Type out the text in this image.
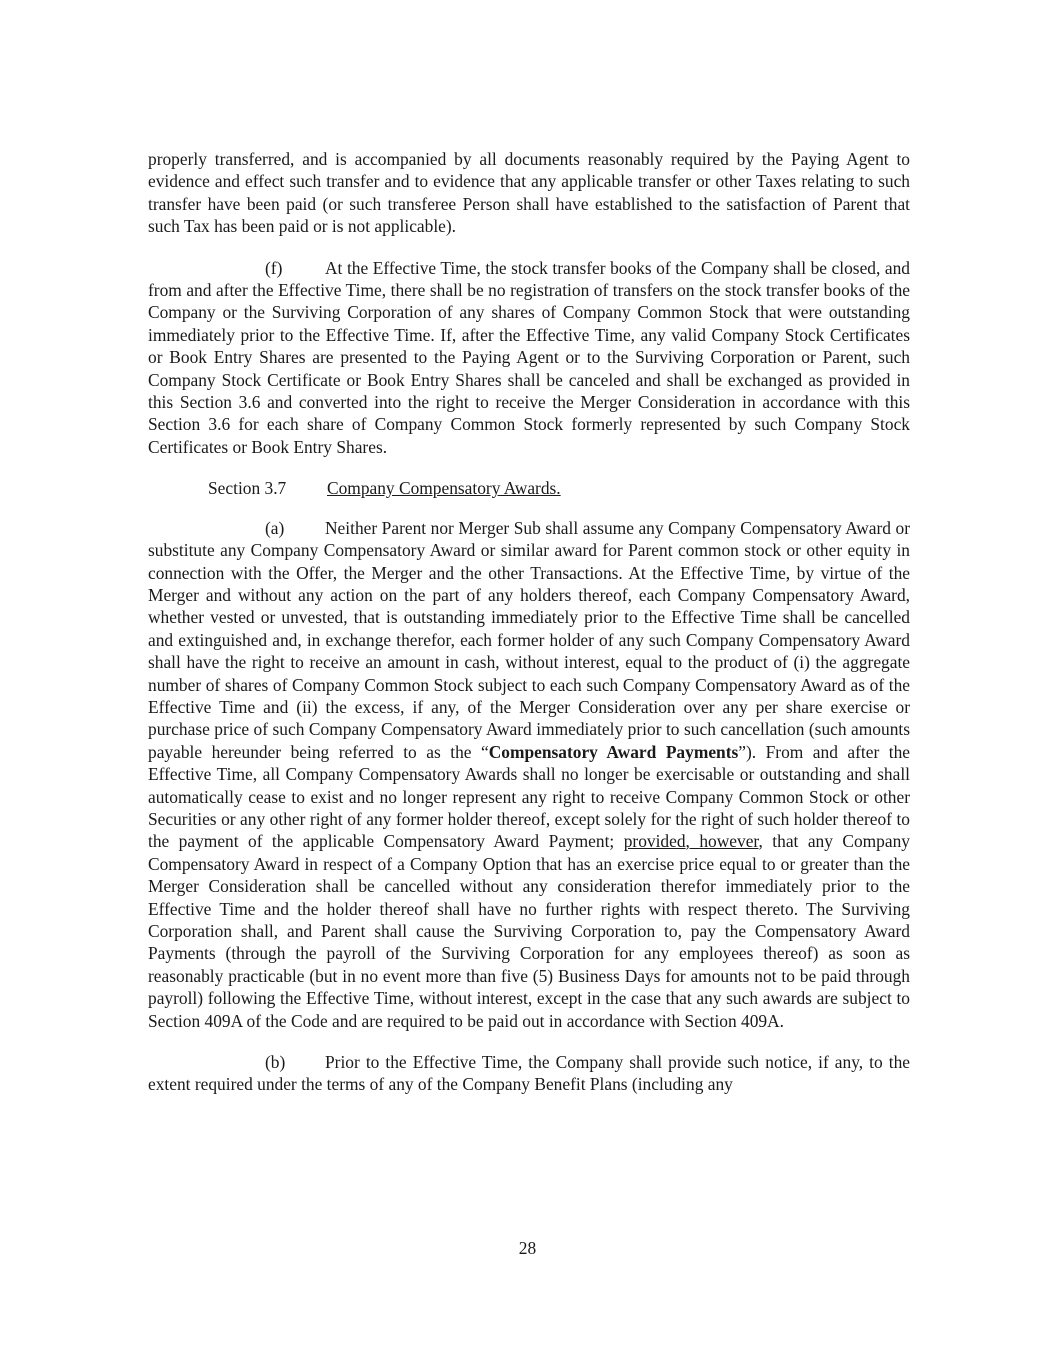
properly transferred, and is accompanied by all documents reasonably required by the Paying Agent to evidence and effect such transfer and to evidence that any applicable transfer or other Taxes relating to such transfer have been paid (or such transferee Person shall have established to the satisfaction of Parent that such Tax has been paid or is not applicable).

(f) At the Effective Time, the stock transfer books of the Company shall be closed, and from and after the Effective Time, there shall be no registration of transfers on the stock transfer books of the Company or the Surviving Corporation of any shares of Company Common Stock that were outstanding immediately prior to the Effective Time. If, after the Effective Time, any valid Company Stock Certificates or Book Entry Shares are presented to the Paying Agent or to the Surviving Corporation or Parent, such Company Stock Certificate or Book Entry Shares shall be canceled and shall be exchanged as provided in this Section 3.6 and converted into the right to receive the Merger Consideration in accordance with this Section 3.6 for each share of Company Common Stock formerly represented by such Company Stock Certificates or Book Entry Shares.

Section 3.7 Company Compensatory Awards.

(a) Neither Parent nor Merger Sub shall assume any Company Compensatory Award or substitute any Company Compensatory Award or similar award for Parent common stock or other equity in connection with the Offer, the Merger and the other Transactions. At the Effective Time, by virtue of the Merger and without any action on the part of any holders thereof, each Company Compensatory Award, whether vested or unvested, that is outstanding immediately prior to the Effective Time shall be cancelled and extinguished and, in exchange therefor, each former holder of any such Company Compensatory Award shall have the right to receive an amount in cash, without interest, equal to the product of (i) the aggregate number of shares of Company Common Stock subject to each such Company Compensatory Award as of the Effective Time and (ii) the excess, if any, of the Merger Consideration over any per share exercise or purchase price of such Company Compensatory Award immediately prior to such cancellation (such amounts payable hereunder being referred to as the “Compensatory Award Payments”). From and after the Effective Time, all Company Compensatory Awards shall no longer be exercisable or outstanding and shall automatically cease to exist and no longer represent any right to receive Company Common Stock or other Securities or any other right of any former holder thereof, except solely for the right of such holder thereof to the payment of the applicable Compensatory Award Payment; provided, however, that any Company Compensatory Award in respect of a Company Option that has an exercise price equal to or greater than the Merger Consideration shall be cancelled without any consideration therefor immediately prior to the Effective Time and the holder thereof shall have no further rights with respect thereto. The Surviving Corporation shall, and Parent shall cause the Surviving Corporation to, pay the Compensatory Award Payments (through the payroll of the Surviving Corporation for any employees thereof) as soon as reasonably practicable (but in no event more than five (5) Business Days for amounts not to be paid through payroll) following the Effective Time, without interest, except in the case that any such awards are subject to Section 409A of the Code and are required to be paid out in accordance with Section 409A.

(b) Prior to the Effective Time, the Company shall provide such notice, if any, to the extent required under the terms of any of the Company Benefit Plans (including any

28
